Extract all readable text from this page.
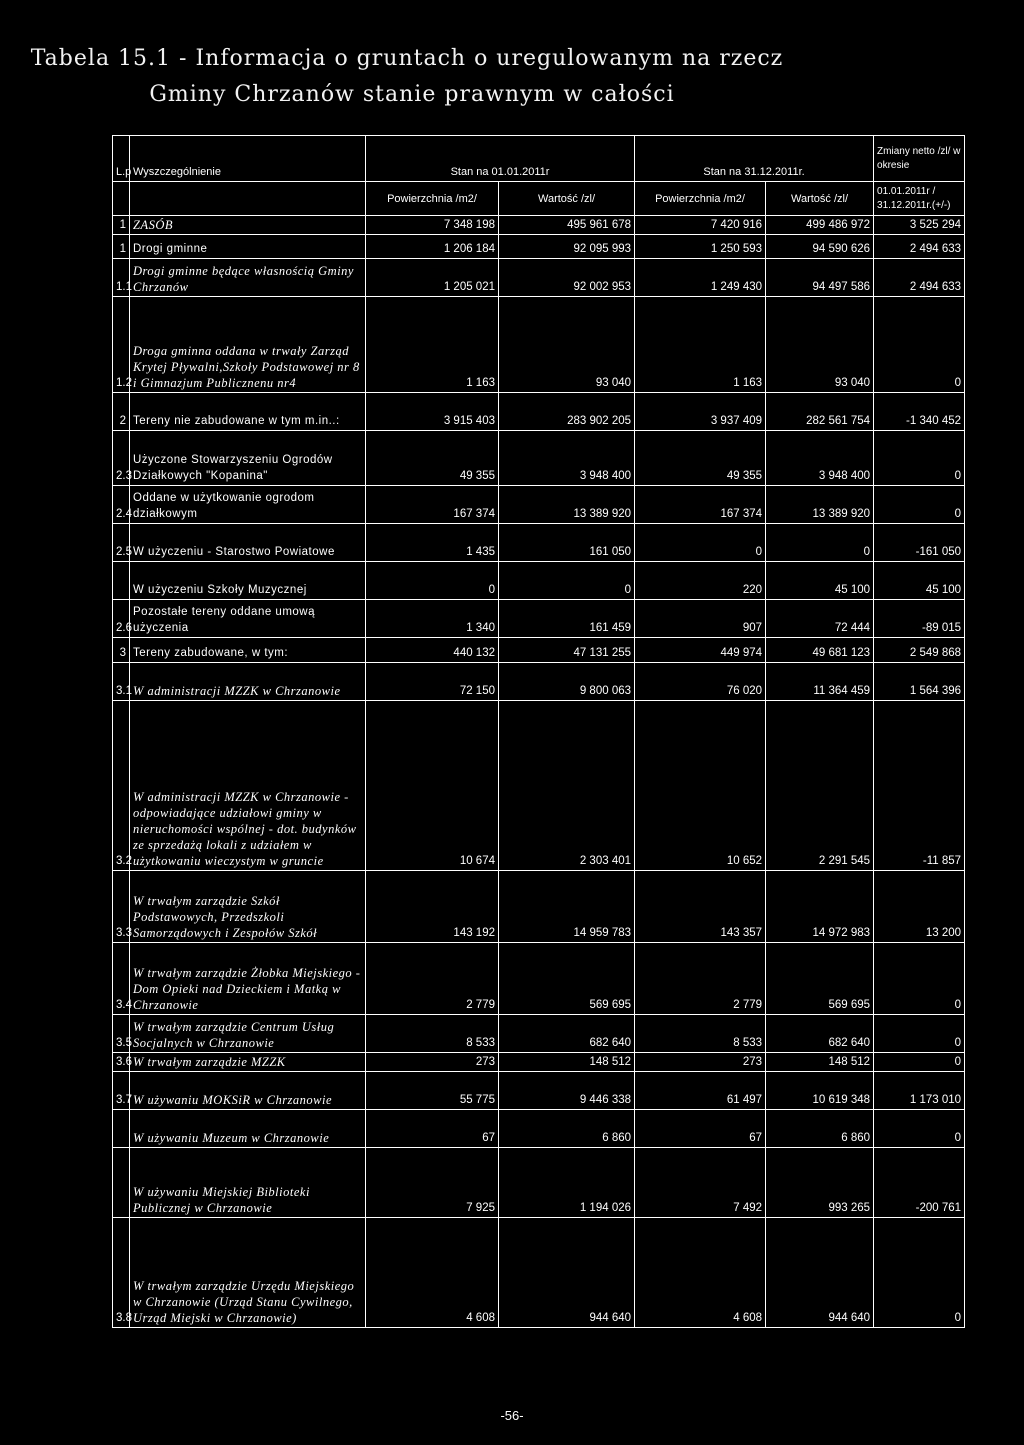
Tabela 15.1 - Informacja o gruntach o uregulowanym na rzecz
Gminy Chrzanów stanie prawnym w całości
L.p	Wyszczególnienie	Stan na 01.01.2011r		Stan na 31.12.2011r.		Zmiany netto /zl/ w okresie
		Powierzchnia /m2/	Wartość /zl/	Powierzchnia /m2/	Wartość /zl/	01.01.2011r / 31.12.2011r.(+/-)
1	ZASÓB	7 348 198	495 961 678	7 420 916	499 486 972	3 525 294
1	Drogi gminne	1 206 184	92 095 993	1 250 593	94 590 626	2 494 633
1.1	Drogi gminne będące własnością Gminy Chrzanów	1 205 021	92 002 953	1 249 430	94 497 586	2 494 633
1.2	Droga gminna oddana w trwały Zarząd Krytej Pływalni,Szkoły Podstawowej nr 8 i Gimnazjum Publicznenu nr4	1 163	93 040	1 163	93 040	0
2	Tereny nie zabudowane w tym m.in..:	3 915 403	283 902 205	3 937 409	282 561 754	-1 340 452
2.3	Użyczone Stowarzyszeniu Ogrodów Działkowych "Kopanina"	49 355	3 948 400	49 355	3 948 400	0
2.4	Oddane w użytkowanie ogrodom działkowym	167 374	13 389 920	167 374	13 389 920	0
2.5	W użyczeniu - Starostwo Powiatowe	1 435	161 050	0	0	-161 050
	W użyczeniu Szkoły Muzycznej	0	0	220	45 100	45 100
2.6	Pozostałe tereny oddane umową użyczenia	1 340	161 459	907	72 444	-89 015
3	Tereny zabudowane, w tym:	440 132	47 131 255	449 974	49 681 123	2 549 868
3.1	W administracji MZZK w Chrzanowie	72 150	9 800 063	76 020	11 364 459	1 564 396
3.2	W administracji MZZK w Chrzanowie - odpowiadające udziałowi gminy w nieruchomości wspólnej - dot. budynków ze sprzedażą lokali z udziałem w użytkowaniu wieczystym w gruncie	10 674	2 303 401	10 652	2 291 545	-11 857
3.3	W trwałym zarządzie Szkół Podstawowych, Przedszkoli Samorządowych i Zespołów Szkół	143 192	14 959 783	143 357	14 972 983	13 200
3.4	W trwałym zarządzie Żłobka Miejskiego - Dom Opieki nad Dzieckiem i Matką w Chrzanowie	2 779	569 695	2 779	569 695	0
3.5	W trwałym zarządzie Centrum Usług Socjalnych w Chrzanowie	8 533	682 640	8 533	682 640	0
3.6	W trwałym zarządzie MZZK	273	148 512	273	148 512	0
3.7	W używaniu MOKSiR w Chrzanowie	55 775	9 446 338	61 497	10 619 348	1 173 010
	W używaniu Muzeum w Chrzanowie	67	6 860	67	6 860	0
	W używaniu Miejskiej Biblioteki Publicznej w Chrzanowie	7 925	1 194 026	7 492	993 265	-200 761
3.8	W trwałym zarządzie Urzędu Miejskiego w Chrzanowie (Urząd Stanu Cywilnego, Urząd Miejski w Chrzanowie)	4 608	944 640	4 608	944 640	0
-56-
